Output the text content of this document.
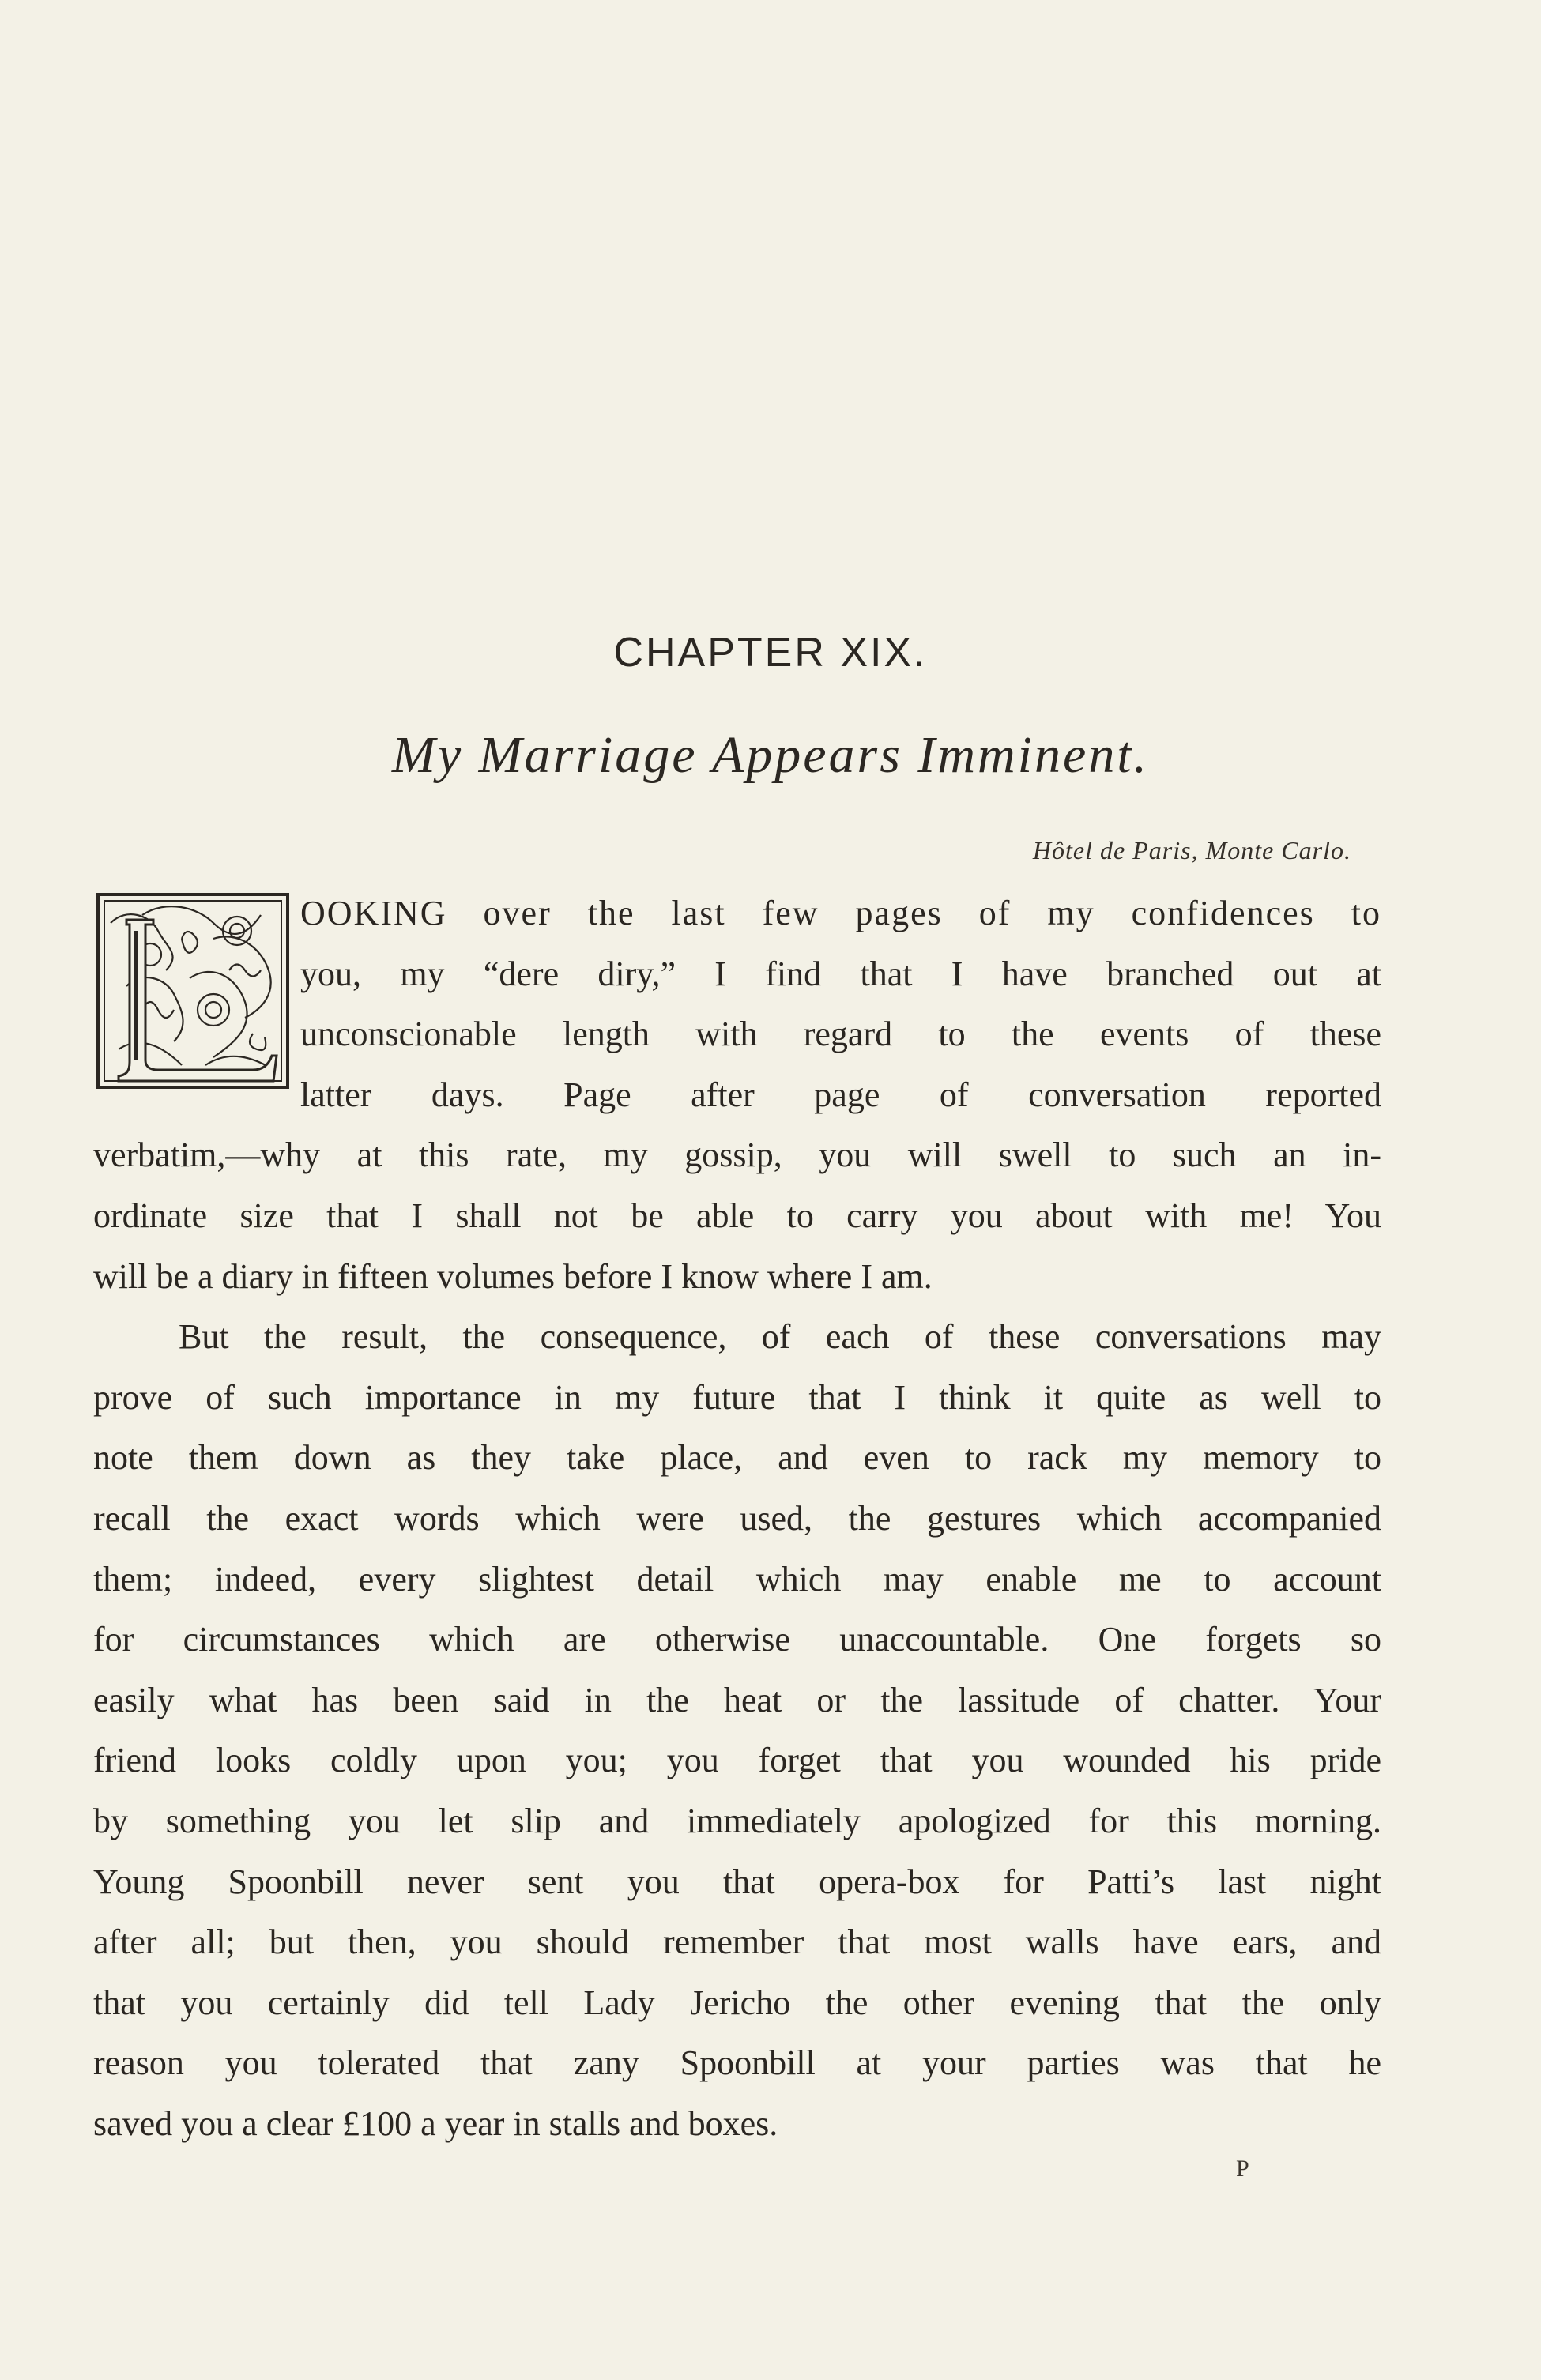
CHAPTER XIX.
My Marriage Appears Imminent.
Hôtel de Paris, Monte Carlo.
OOKING over the last few pages of my confidences to
you, my “dere diry,” I find that I have branched out at
unconscionable length with regard to the events of these
latter days. Page after page of conversation reported
verbatim,—why at this rate, my gossip, you will swell to such an in-
ordinate size that I shall not be able to carry you about with me! You
will be a diary in fifteen volumes before I know where I am.
But the result, the consequence, of each of these conversations may
prove of such importance in my future that I think it quite as well to
note them down as they take place, and even to rack my memory to
recall the exact words which were used, the gestures which accompanied
them; indeed, every slightest detail which may enable me to account
for circumstances which are otherwise unaccountable. One forgets so
easily what has been said in the heat or the lassitude of chatter. Your
friend looks coldly upon you; you forget that you wounded his pride
by something you let slip and immediately apologized for this morning.
Young Spoonbill never sent you that opera-box for Patti’s last night
after all; but then, you should remember that most walls have ears, and
that you certainly did tell Lady Jericho the other evening that the only
reason you tolerated that zany Spoonbill at your parties was that he
saved you a clear £100 a year in stalls and boxes.
P
